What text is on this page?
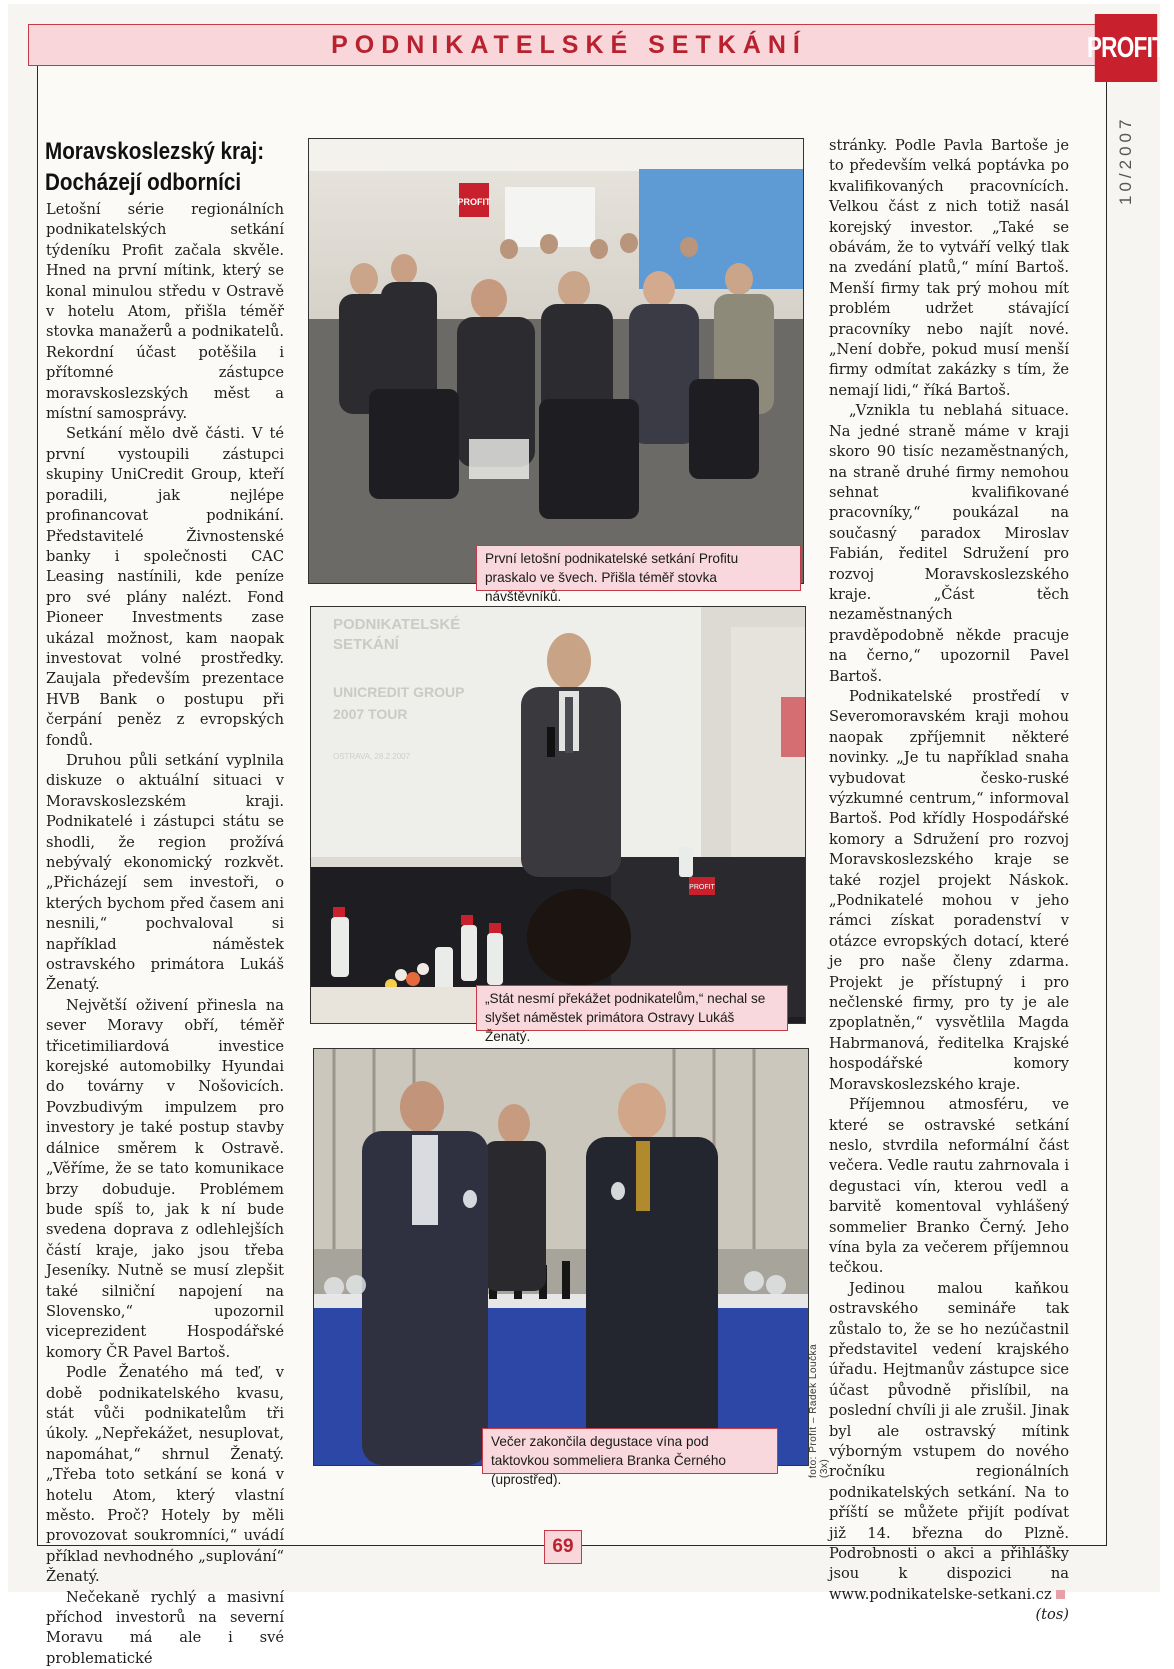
PODNIKATELSKÉ SETKÁNÍ	PROFIT
10/2007
Moravskoslezský kraj: Docházejí odborníci

Letošní série regionálních podnikatelských setkání týdeníku Profit začala skvěle. Hned na první mítink, který se konal minulou středu v Ostravě v hotelu Atom, přišla téměř stovka manažerů a podnikatelů. Rekordní účast potěšila i přítomné zástupce moravskoslezských měst a místní samosprávy.

Setkání mělo dvě části. V té první vystoupili zástupci skupiny UniCredit Group, kteří poradili, jak nejlépe profinancovat podnikání. Představitelé Živnostenské banky i společnosti CAC Leasing nastínili, kde peníze pro své plány nalézt. Fond Pioneer Investments zase ukázal možnost, kam naopak investovat volné prostředky. Zaujala především prezentace HVB Bank o postupu při čerpání peněz z evropských fondů.

Druhou půli setkání vyplnila diskuze o aktuální situaci v Moravskoslezském kraji. Podnikatelé i zástupci státu se shodli, že region prožívá nebývalý ekonomický rozkvět. „Přicházejí sem investoři, o kterých bychom před časem ani nesnili,“ pochvaloval si například náměstek ostravského primátora Lukáš Ženatý.

Největší oživení přinesla na sever Moravy obří, téměř třicetimiliardová investice korejské automobilky Hyundai do továrny v Nošovicích. Povzbudivým impulzem pro investory je také postup stavby dálnice směrem k Ostravě. „Věříme, že se tato komunikace brzy dobuduje. Problémem bude spíš to, jak k ní bude svedena doprava z odlehlejších částí kraje, jako jsou třeba Jeseníky. Nutně se musí zlepšit také silniční napojení na Slovensko,“ upozornil viceprezident Hospodářské komory ČR Pavel Bartoš.

Podle Ženatého má teď, v době podnikatelského kvasu, stát vůči podnikatelům tři úkoly. „Nepřekážet, nesuplovat, napomáhat,“ shrnul Ženatý. „Třeba toto setkání se koná v hotelu Atom, který vlastní město. Proč? Hotely by měli provozovat soukromníci,“ uvádí příklad nevhodného „suplování“ Ženatý.

Nečekaně rychlý a masivní příchod investorů na severní Moravu má ale i své problematické

stránky. Podle Pavla Bartoše je to především velká poptávka po kvalifikovaných pracovnících. Velkou část z nich totiž nasál korejský investor. „Také se obávám, že to vytváří velký tlak na zvedání platů,“ míní Bartoš. Menší firmy tak prý mohou mít problém udržet stávající pracovníky nebo najít nové. „Není dobře, pokud musí menší firmy odmítat zakázky s tím, že nemají lidi,“ říká Bartoš.

„Vznikla tu neblahá situace. Na jedné straně máme v kraji skoro 90 tisíc nezaměstnaných, na straně druhé firmy nemohou sehnat kvalifikované pracovníky,“ poukázal na současný paradox Miroslav Fabián, ředitel Sdružení pro rozvoj Moravskoslezského kraje. „Část těch nezaměstnaných pravděpodobně někde pracuje na černo,“ upozornil Pavel Bartoš.

Podnikatelské prostředí v Severomoravském kraji mohou naopak zpříjemnit některé novinky. „Je tu například snaha vybudovat česko-ruské výzkumné centrum,“ informoval Bartoš. Pod křídly Hospodářské komory a Sdružení pro rozvoj Moravskoslezského kraje se také rozjel projekt Náskok. „Podnikatelé mohou v jeho rámci získat poradenství v otázce evropských dotací, které je pro naše členy zdarma. Projekt je přístupný i pro nečlenské firmy, pro ty je ale zpoplatněn,“ vysvětlila Magda Habrmanová, ředitelka Krajské hospodářské komory Moravskoslezského kraje.

Příjemnou atmosféru, ve které se ostravské setkání neslo, stvrdila neformální část večera. Vedle rautu zahrnovala i degustaci vín, kterou vedl a barvitě komentoval vyhlášený sommelier Branko Černý. Jeho vína byla za večerem příjemnou tečkou.

Jedinou malou kaňkou ostravského semináře tak zůstalo to, že se ho nezúčastnil představitel vedení krajského úřadu. Hejtmanův zástupce sice účast původně přislíbil, na poslední chvíli ji ale zrušil. Jinak byl ale ostravský mítink výborným vstupem do nového ročníku regionálních podnikatelských setkání. Na to příští se můžete přijít podívat již 14. března do Plzně. Podrobnosti o akci a přihlášky jsou k dispozici na www.podnikatelske-setkani.cz

(tos)
PROFIT
První letošní podnikatelské setkání Profitu praskalo ve švech. Přišla téměř stovka návštěvníků.
PODNIKATELSKÉ
SETKÁNÍ
UNICREDIT GROUP
2007 TOUR
OSTRAVA, 28.2.2007
PROFIT
„Stát nesmí překážet podnikatelům,“ nechal se slyšet náměstek primátora Ostravy Lukáš Ženatý.
Večer zakončila degustace vína pod taktovkou sommeliera Branka Černého (uprostřed).
foto: Profit – Radek Loučka (3x)
69
